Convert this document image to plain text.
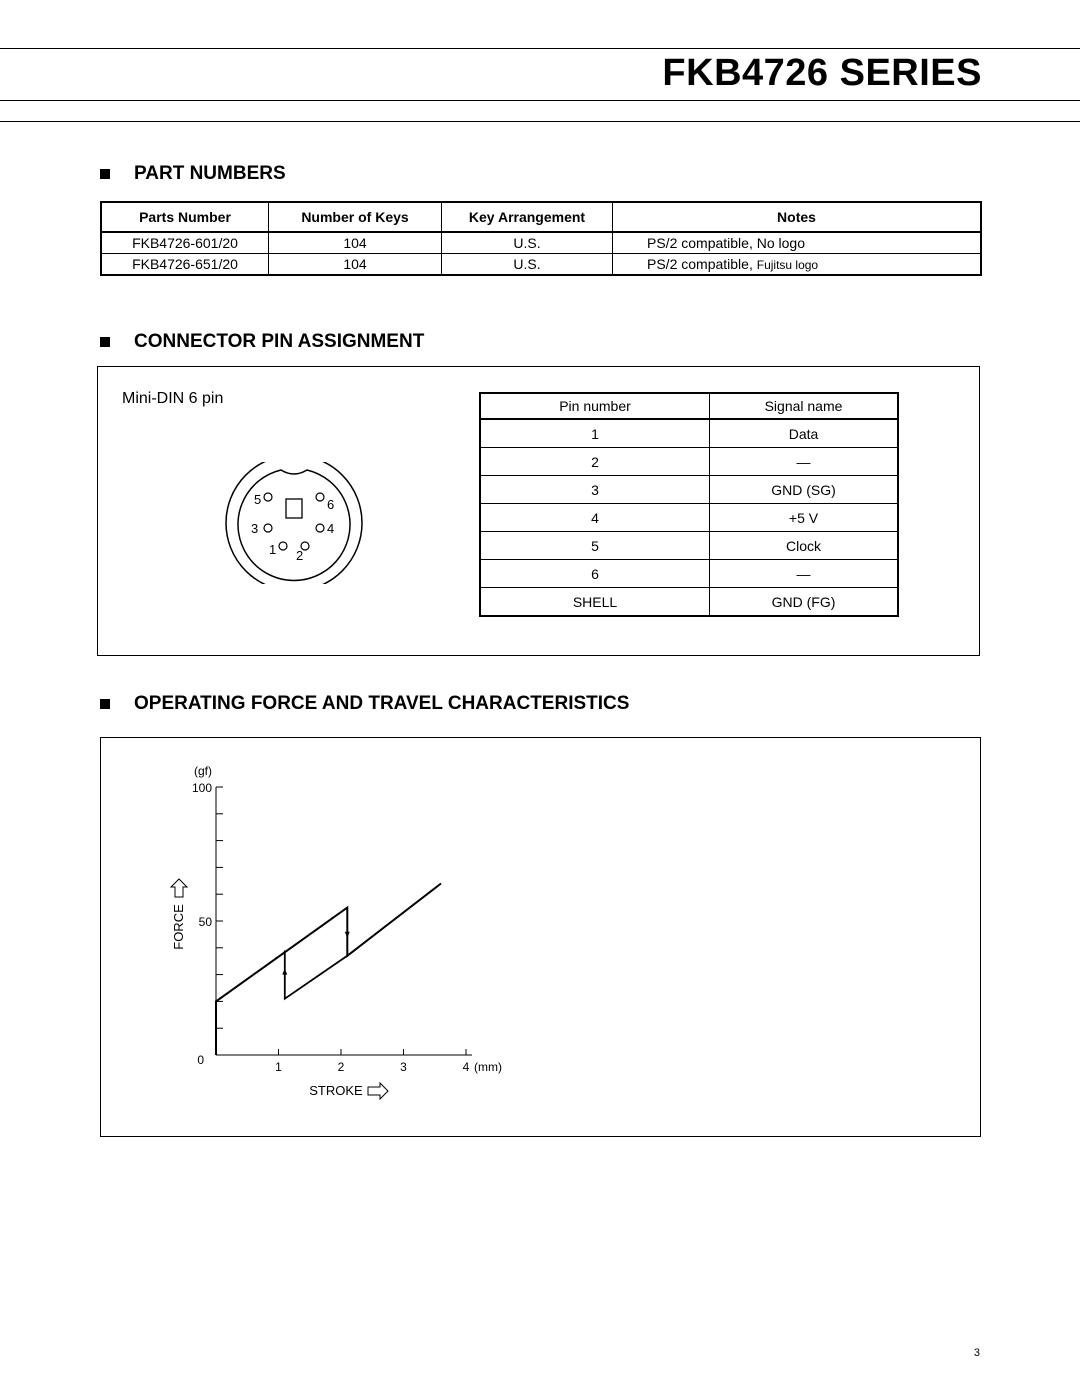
FKB4726 SERIES
PART NUMBERS
Parts Number	Number of Keys	Key Arrangement	Notes
FKB4726-601/20	104	U.S.	PS/2 compatible, No logo
FKB4726-651/20	104	U.S.	PS/2 compatible, Fujitsu logo
CONNECTOR PIN ASSIGNMENT
Mini-DIN 6 pin
5	6
3	4
1 2
Pin number	Signal name
1	Data
2	—
3	GND (SG)
4	+5 V
5	Clock
6	—
SHELL	GND (FG)
OPERATING FORCE AND TRAVEL CHARACTERISTICS
0
50
100
(gf)
1	2	3	4 (mm)
STROKE
FORCE
3
